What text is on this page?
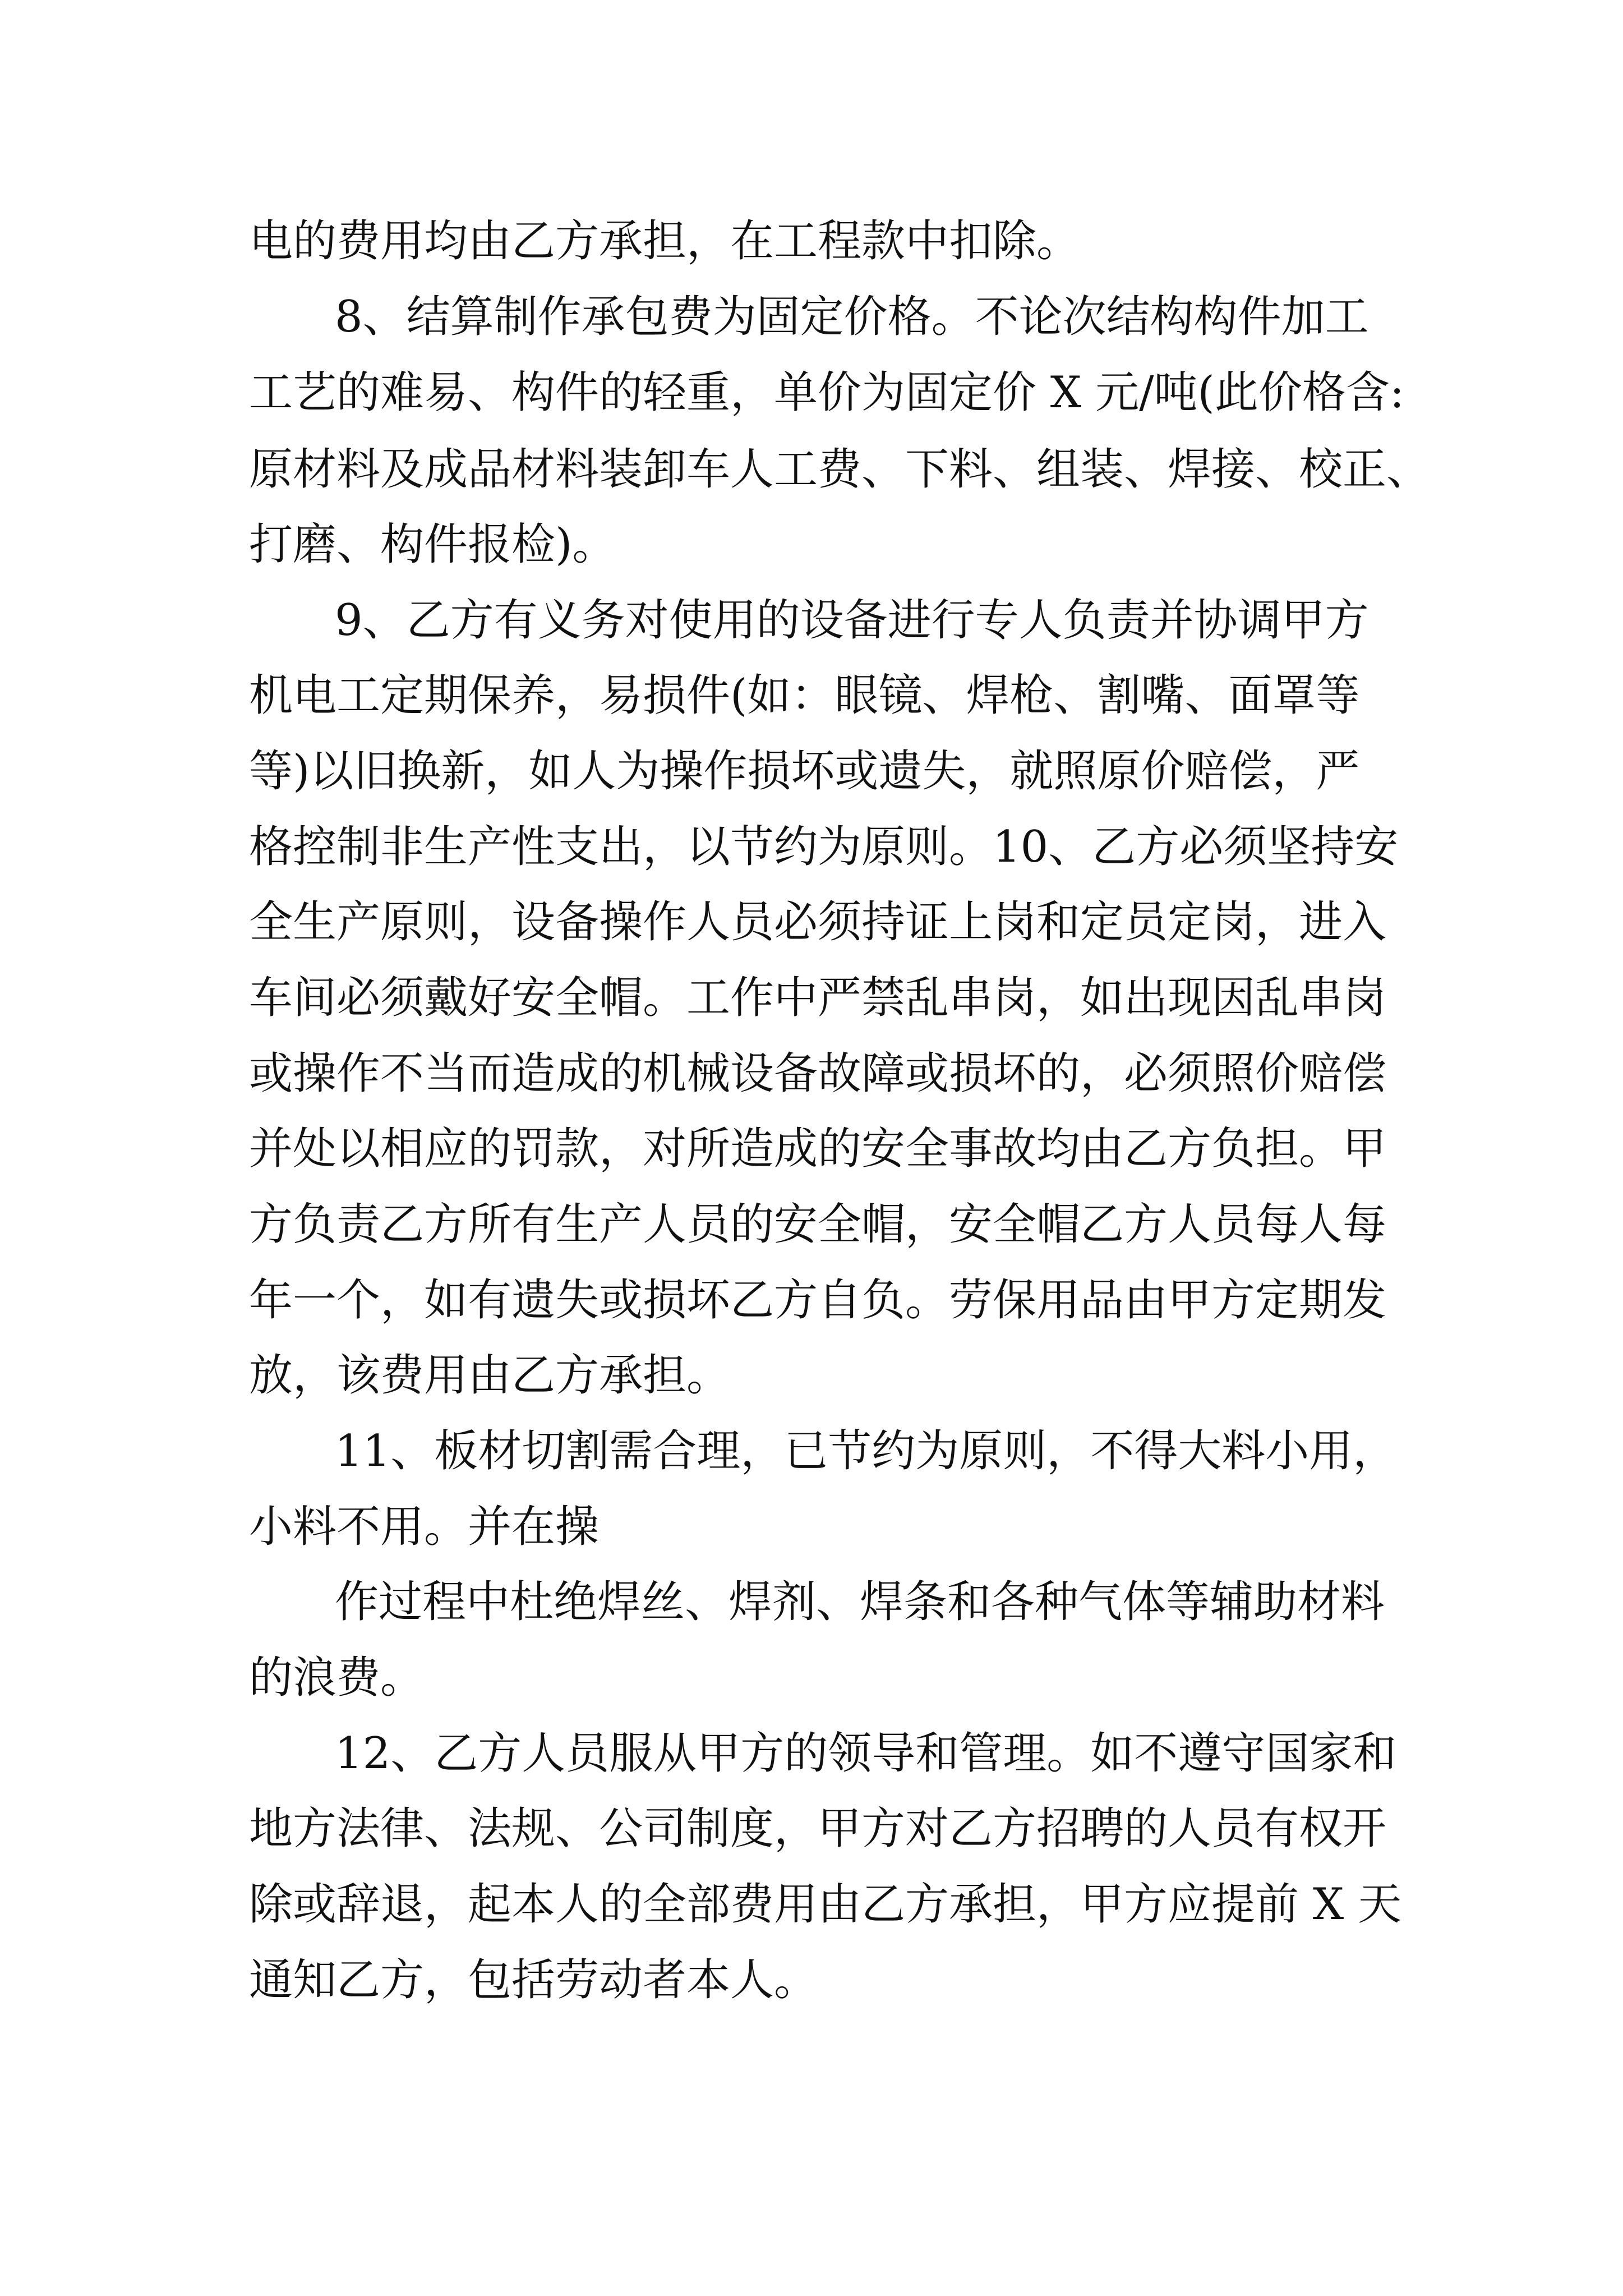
电的费用均由乙方承担，在工程款中扣除。

8、结算制作承包费为固定价格。不论次结构构件加工

工艺的难易、构件的轻重，单价为固定价 X 元/吨(此价格含:

原材料及成品材料装卸车人工费、下料、组装、焊接、校正、

打磨、构件报检)。

9、乙方有义务对使用的设备进行专人负责并协调甲方

机电工定期保养，易损件(如：眼镜、焊枪、割嘴、面罩等

等)以旧换新，如人为操作损坏或遗失，就照原价赔偿，严

格控制非生产性支出，以节约为原则。10、乙方必须坚持安

全生产原则，设备操作人员必须持证上岗和定员定岗，进入

车间必须戴好安全帽。工作中严禁乱串岗，如出现因乱串岗

或操作不当而造成的机械设备故障或损坏的，必须照价赔偿

并处以相应的罚款，对所造成的安全事故均由乙方负担。甲

方负责乙方所有生产人员的安全帽，安全帽乙方人员每人每

年一个，如有遗失或损坏乙方自负。劳保用品由甲方定期发

放，该费用由乙方承担。

11、板材切割需合理，已节约为原则，不得大料小用，

小料不用。并在操

作过程中杜绝焊丝、焊剂、焊条和各种气体等辅助材料

的浪费。

12、乙方人员服从甲方的领导和管理。如不遵守国家和

地方法律、法规、公司制度，甲方对乙方招聘的人员有权开

除或辞退，起本人的全部费用由乙方承担，甲方应提前 X 天

通知乙方，包括劳动者本人。
